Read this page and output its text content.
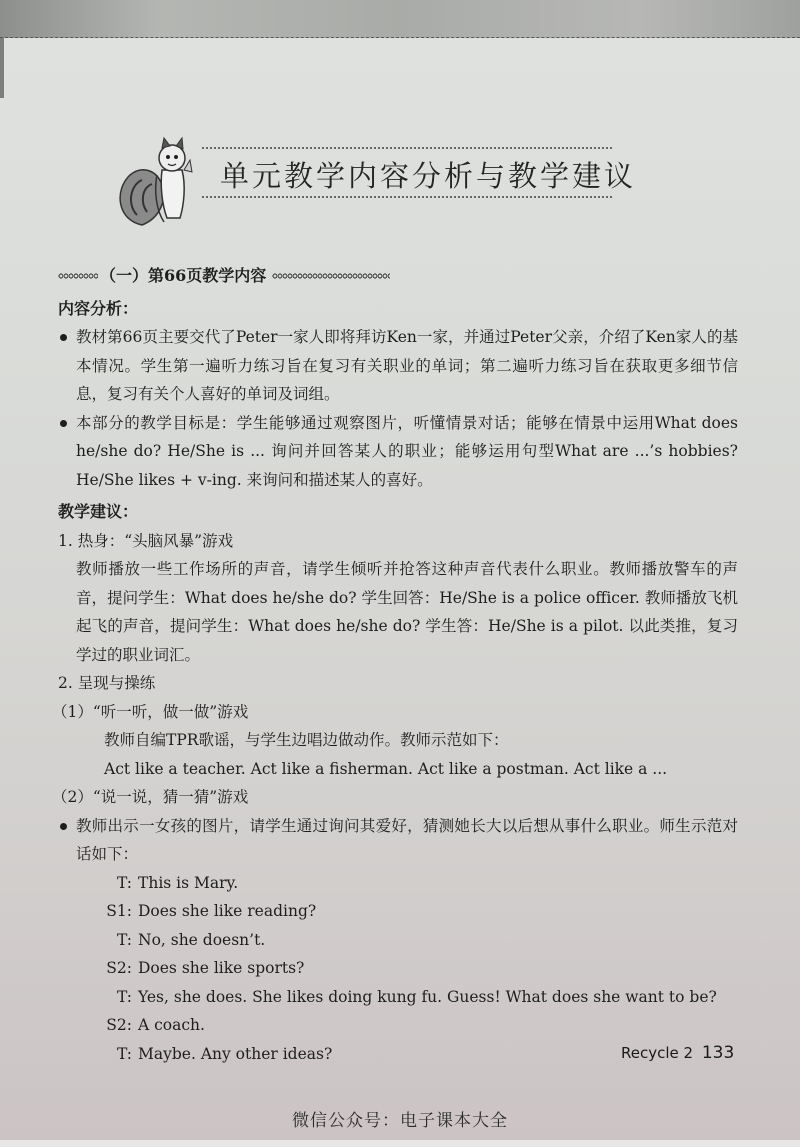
单元教学内容分析与教学建议
（一）第66页教学内容
内容分析：
教材第66页主要交代了Peter一家人即将拜访Ken一家，并通过Peter父亲，介绍了Ken家人的基本情况。学生第一遍听力练习旨在复习有关职业的单词；第二遍听力练习旨在获取更多细节信息，复习有关个人喜好的单词及词组。
本部分的教学目标是：学生能够通过观察图片，听懂情景对话；能够在情景中运用What does he/she do? He/She is ... 询问并回答某人的职业；能够运用句型What are ...’s hobbies? He/She likes + v-ing. 来询问和描述某人的喜好。
教学建议：
1. 热身：“头脑风暴”游戏
教师播放一些工作场所的声音，请学生倾听并抢答这种声音代表什么职业。教师播放警车的声音，提问学生：What does he/she do? 学生回答：He/She is a police officer. 教师播放飞机起飞的声音，提问学生：What does he/she do? 学生答：He/She is a pilot. 以此类推，复习学过的职业词汇。
2. 呈现与操练
（1）“听一听，做一做”游戏
教师自编TPR歌谣，与学生边唱边做动作。教师示范如下：
Act like a teacher. Act like a fisherman. Act like a postman. Act like a ...
（2）“说一说，猜一猜”游戏
教师出示一女孩的图片，请学生通过询问其爱好，猜测她长大以后想从事什么职业。师生示范对话如下：
T: This is Mary.
S1: Does she like reading?
T: No, she doesn’t.
S2: Does she like sports?
T: Yes, she does. She likes doing kung fu. Guess! What does she want to be?
S2: A coach.
T: Maybe. Any other ideas?	Recycle 2 133
微信公众号：电子课本大全
